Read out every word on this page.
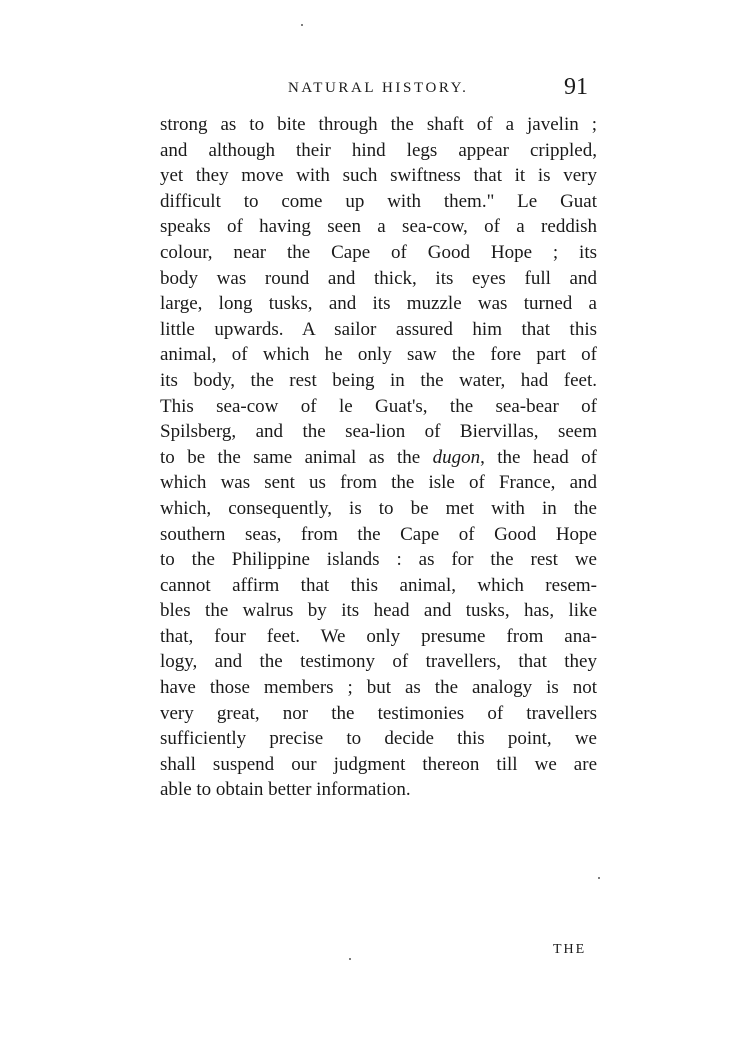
NATURAL HISTORY.	91
strong as to bite through the shaft of a javelin ;
and although their hind legs appear crippled,
yet they move with such swiftness that it is very
difficult to come up with them." Le Guat
speaks of having seen a sea-cow, of a reddish
colour, near the Cape of Good Hope ; its
body was round and thick, its eyes full and
large, long tusks, and its muzzle was turned a
little upwards. A sailor assured him that this
animal, of which he only saw the fore part of
its body, the rest being in the water, had feet.
This sea-cow of le Guat's, the sea-bear of
Spilsberg, and the sea-lion of Biervillas, seem
to be the same animal as the dugon, the head of
which was sent us from the isle of France, and
which, consequently, is to be met with in the
southern seas, from the Cape of Good Hope
to the Philippine islands : as for the rest we
cannot affirm that this animal, which resem-
bles the walrus by its head and tusks, has, like
that, four feet. We only presume from ana-
logy, and the testimony of travellers, that they
have those members ; but as the analogy is not
very great, nor the testimonies of travellers
sufficiently precise to decide this point, we
shall suspend our judgment thereon till we are
able to obtain better information.
THE
